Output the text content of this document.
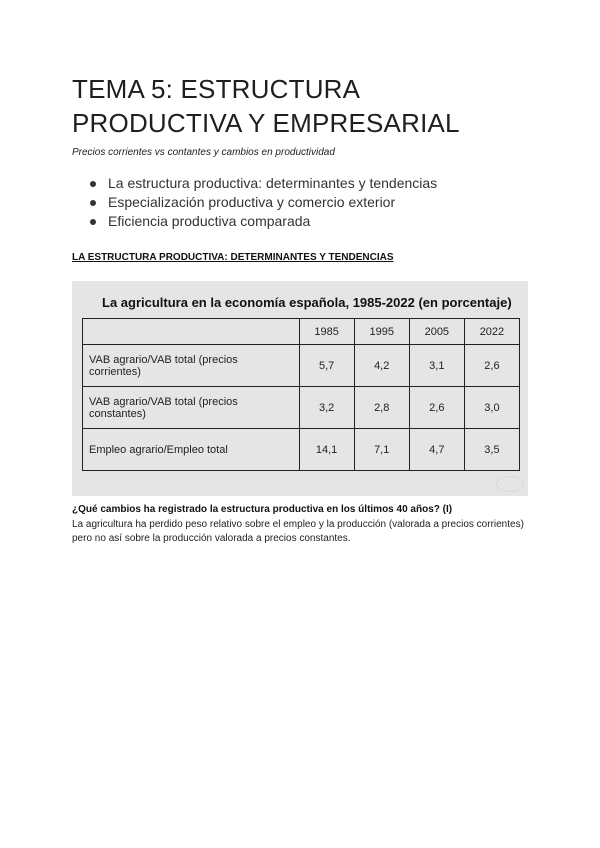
TEMA 5: ESTRUCTURA
PRODUCTIVA Y EMPRESARIAL

Precios corrientes vs contantes y cambios en productividad

La estructura productiva: determinantes y tendencias
Especialización productiva y comercio exterior
Eficiencia productiva comparada

LA ESTRUCTURA PRODUCTIVA: DETERMINANTES Y TENDENCIAS

La agricultura en la economía española, 1985-2022 (en porcentaje)
	1985	1995	2005	2022
VAB agrario/VAB total (precios corrientes)	5,7	4,2	3,1	2,6
VAB agrario/VAB total (precios constantes)	3,2	2,8	2,6	3,0
Empleo agrario/Empleo total	14,1	7,1	4,7	3,5

¿Qué cambios ha registrado la estructura productiva en los últimos 40 años? (I)

La agricultura ha perdido peso relativo sobre el empleo y la producción (valorada a precios corrientes) pero no así sobre la producción valorada a precios constantes.
